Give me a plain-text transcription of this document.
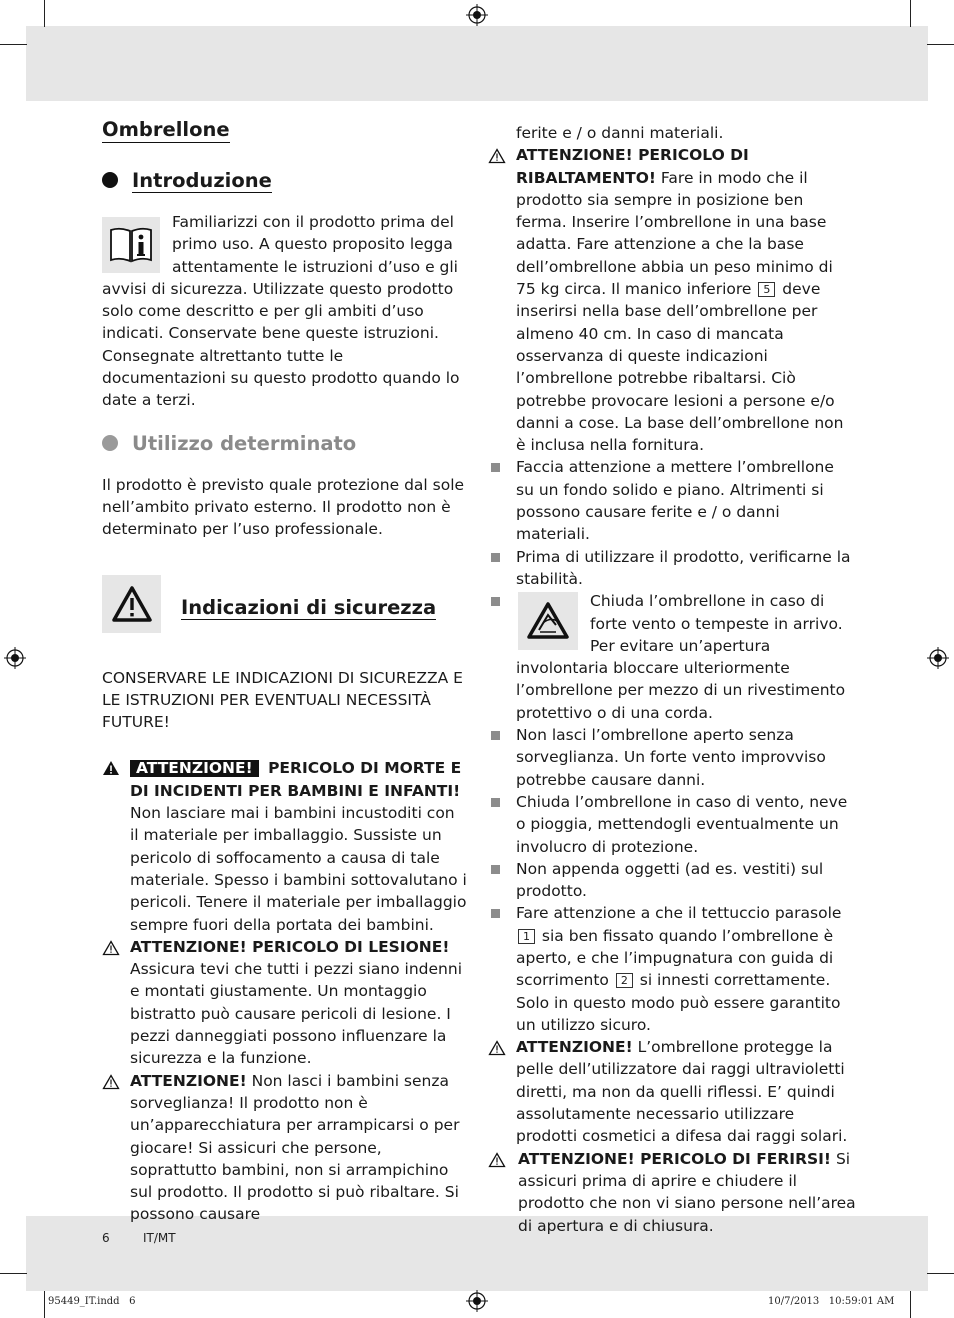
Ombrellone
Introduzione

Familiarizzi con il prodotto prima del primo uso. A questo proposito legga attentamente le istruzioni d’uso e gli avvisi di sicurezza. Utilizzate questo prodotto solo come descritto e per gli ambiti d’uso indicati. Conservate bene queste istruzioni. Consegnate altrettanto tutte le documentazioni su questo prodotto quando lo date a terzi.

Utilizzo determinato

Il prodotto è previsto quale protezione dal sole nell’ambito privato esterno. Il prodotto non è determinato per l’uso professionale.

Indicazioni di sicurezza

CONSERVARE LE INDICAZIONI DI SICUREZZA E LE ISTRUZIONI PER EVENTUALI NECESSITÀ FUTURE!

ATTENZIONE! PERICOLO DI MORTE E DI INCIDENTI PER BAMBINI E INFANTI! Non lasciare mai i bambini incustoditi con il materiale per imballaggio. Sussiste un pericolo di soffocamento a causa di tale materiale. Spesso i bambini sottovalutano i pericoli. Tenere il materiale per imballaggio sempre fuori della portata dei bambini.

ATTENZIONE! PERICOLO DI LESIONE! Assicura tevi che tutti i pezzi siano indenni e montati giustamente. Un montaggio bistratto può causare pericoli di lesione. I pezzi danneggiati possono influenzare la sicurezza e la funzione.

ATTENZIONE! Non lasci i bambini senza sorveglianza! Il prodotto non è un’apparecchiatura per arrampicarsi o per giocare! Si assicuri che persone, soprattutto bambini, non si arrampichino sul prodotto. Il prodotto si può ribaltare. Si possono causare

ferite e / o danni materiali.

ATTENZIONE! PERICOLO DI RIBALTAMENTO! Fare in modo che il prodotto sia sempre in posizione ben ferma. Inserire l’ombrellone in una base adatta. Fare attenzione a che la base dell’ombrellone abbia un peso minimo di 75 kg circa. Il manico inferiore 5 deve inserirsi nella base dell’ombrellone per almeno 40 cm. In caso di mancata osservanza di queste indicazioni l’ombrellone potrebbe ribaltarsi. Ciò potrebbe provocare lesioni a persone e/o danni a cose. La base dell’ombrellone non è inclusa nella fornitura.

Faccia attenzione a mettere l’ombrellone su un fondo solido e piano. Altrimenti si possono causare ferite e / o danni materiali.

Prima di utilizzare il prodotto, verificarne la stabilità.

Chiuda l’ombrellone in caso di forte vento o tempeste in arrivo. Per evitare un’apertura involontaria bloccare ulteriormente l’ombrellone per mezzo di un rivestimento protettivo o di una corda.

Non lasci l’ombrellone aperto senza sorveglianza. Un forte vento improvviso potrebbe causare danni.

Chiuda l’ombrellone in caso di vento, neve o pioggia, mettendogli eventualmente un involucro di protezione.

Non appenda oggetti (ad es. vestiti) sul prodotto.

Fare attenzione a che il tettuccio parasole 1 sia ben fissato quando l’ombrellone è aperto, e che l’impugnatura con guida di scorrimento 2 si innesti correttamente. Solo in questo modo può essere garantito un utilizzo sicuro.

ATTENZIONE! L’ombrellone protegge la pelle dell’utilizzatore dai raggi ultravioletti diretti, ma non da quelli riflessi. E’ quindi assolutamente necessario utilizzare prodotti cosmetici a difesa dai raggi solari.

ATTENZIONE! PERICOLO DI FERIRSI! Si assicuri prima di aprire e chiudere il prodotto che non vi siano persone nell’area di apertura e di chiusura.

6	IT/MT
95449_IT.indd   6	10/7/2013   10:59:01 AM
